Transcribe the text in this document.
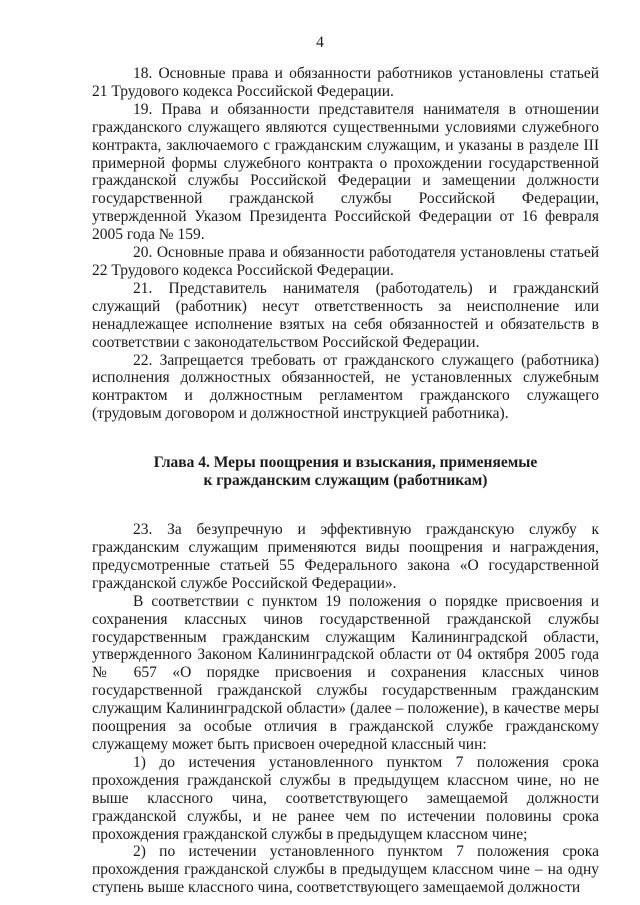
4

18. Основные права и обязанности работников установлены статьей 21 Трудового кодекса Российской Федерации.

19. Права и обязанности представителя нанимателя в отношении гражданского служащего являются существенными условиями служебного контракта, заключаемого с гражданским служащим, и указаны в разделе III примерной формы служебного контракта о прохождении государственной гражданской службы Российской Федерации и замещении должности государственной гражданской службы Российской Федерации, утвержденной Указом Президента Российской Федерации от 16 февраля 2005 года № 159.

20. Основные права и обязанности работодателя установлены статьей 22 Трудового кодекса Российской Федерации.

21. Представитель нанимателя (работодатель) и гражданский служащий (работник) несут ответственность за неисполнение или ненадлежащее исполнение взятых на себя обязанностей и обязательств в соответствии с законодательством Российской Федерации.

22. Запрещается требовать от гражданского служащего (работника) исполнения должностных обязанностей, не установленных служебным контрактом и должностным регламентом гражданского служащего (трудовым договором и должностной инструкцией работника).

Глава 4. Меры поощрения и взыскания, применяемые
к гражданским служащим (работникам)

23. За безупречную и эффективную гражданскую службу к гражданским служащим применяются виды поощрения и награждения, предусмотренные статьей 55 Федерального закона «О государственной гражданской службе Российской Федерации».

В соответствии с пунктом 19 положения о порядке присвоения и сохранения классных чинов государственной гражданской службы государственным гражданским служащим Калининградской области, утвержденного Законом Калининградской области от 04 октября 2005 года № 657 «О порядке присвоения и сохранения классных чинов государственной гражданской службы государственным гражданским служащим Калининградской области» (далее – положение), в качестве меры поощрения за особые отличия в гражданской службе гражданскому служащему может быть присвоен очередной классный чин:

1) до истечения установленного пунктом 7 положения срока прохождения гражданской службы в предыдущем классном чине, но не выше классного чина, соответствующего замещаемой должности гражданской службы, и не ранее чем по истечении половины срока прохождения гражданской службы в предыдущем классном чине;

2) по истечении установленного пунктом 7 положения срока прохождения гражданской службы в предыдущем классном чине – на одну ступень выше классного чина, соответствующего замещаемой должности
